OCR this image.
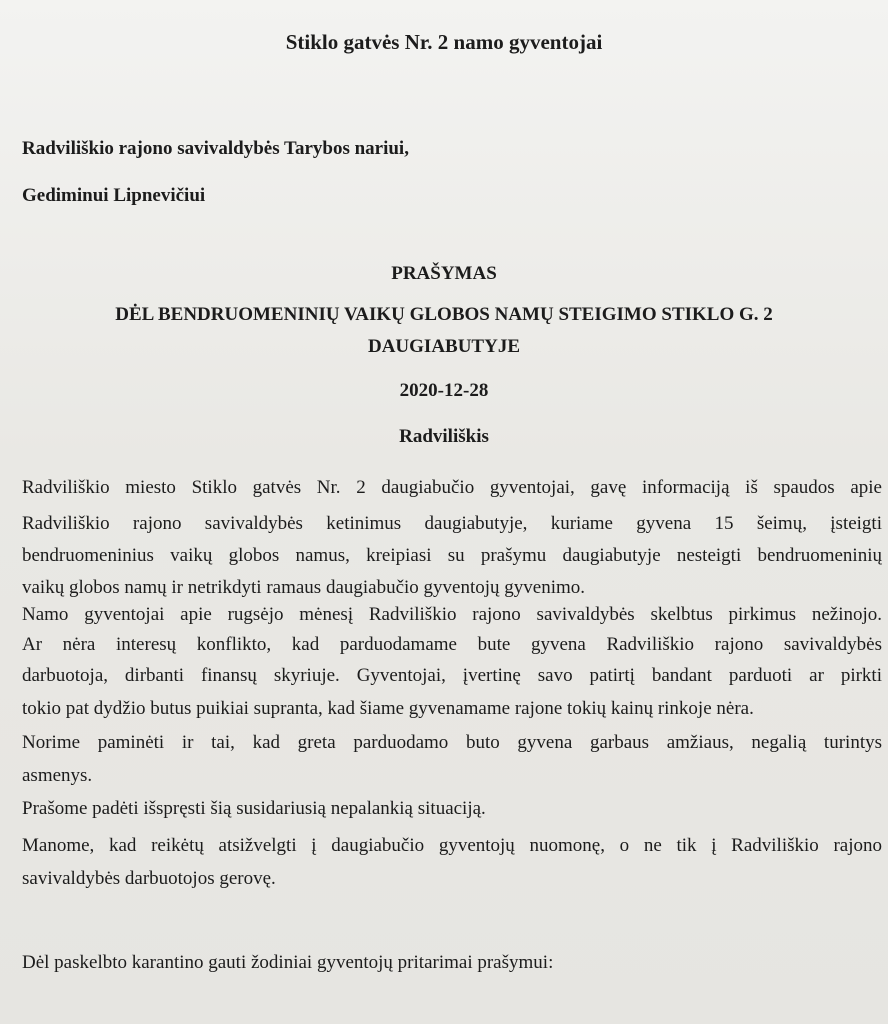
Stiklo gatvės Nr. 2 namo gyventojai

Radviliškio rajono savivaldybės Tarybos nariui,

Gediminui Lipnevičiui

PRAŠYMAS

DĖL BENDRUOMENINIŲ VAIKŲ GLOBOS NAMŲ STEIGIMO STIKLO G. 2

DAUGIABUTYJE

2020-12-28

Radviliškis

Radviliškio miesto Stiklo gatvės Nr. 2 daugiabučio gyventojai, gavę informaciją iš spaudos apie

Radviliškio rajono savivaldybės ketinimus daugiabutyje, kuriame gyvena 15 šeimų, įsteigti

bendruomeninius vaikų globos namus, kreipiasi su prašymu daugiabutyje nesteigti bendruomeninių

vaikų globos namų ir netrikdyti ramaus daugiabučio gyventojų gyvenimo.

Namo gyventojai apie rugsėjo mėnesį Radviliškio rajono savivaldybės skelbtus pirkimus nežinojo.

Ar nėra interesų konflikto, kad parduodamame bute gyvena Radviliškio rajono savivaldybės

darbuotoja, dirbanti finansų skyriuje. Gyventojai, įvertinę savo patirtį bandant parduoti ar pirkti

tokio pat dydžio butus puikiai supranta, kad šiame gyvenamame rajone tokių kainų rinkoje nėra.

Norime paminėti ir tai, kad greta parduodamo buto gyvena garbaus amžiaus, negalią turintys

asmenys.

Prašome padėti išspręsti šią susidariusią nepalankią situaciją.

Manome, kad reikėtų atsižvelgti į daugiabučio gyventojų nuomonę, o ne tik į Radviliškio rajono

savivaldybės darbuotojos gerovę.

Dėl paskelbto karantino gauti žodiniai gyventojų pritarimai prašymui:
